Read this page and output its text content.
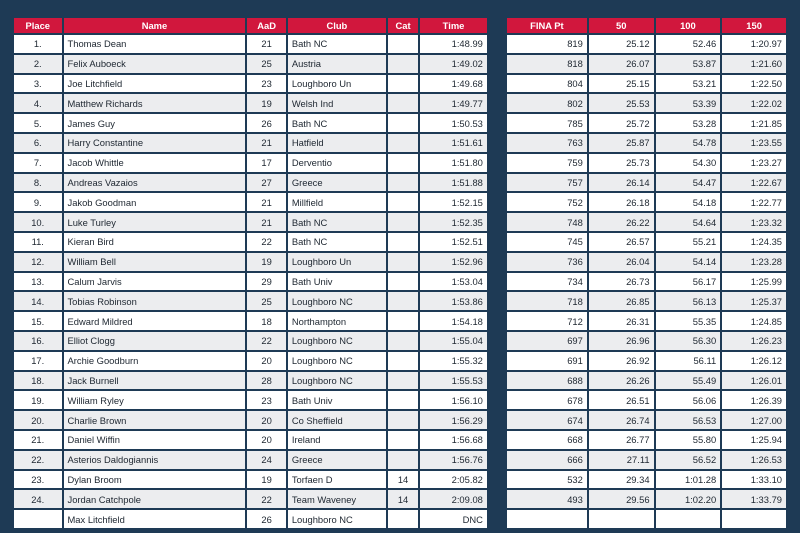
Place	Name	AaD	Club	Cat	Time			FINA Pt	50	100	150
1.	Thomas Dean	21	Bath NC		1:48.99			819	25.12	52.46	1:20.97
2.	Felix Auboeck	25	Austria		1:49.02			818	26.07	53.87	1:21.60
3.	Joe Litchfield	23	Loughboro Un		1:49.68			804	25.15	53.21	1:22.50
4.	Matthew Richards	19	Welsh Ind		1:49.77			802	25.53	53.39	1:22.02
5.	James Guy	26	Bath NC		1:50.53			785	25.72	53.28	1:21.85
6.	Harry Constantine	21	Hatfield		1:51.61			763	25.87	54.78	1:23.55
7.	Jacob Whittle	17	Derventio		1:51.80			759	25.73	54.30	1:23.27
8.	Andreas Vazaios	27	Greece		1:51.88			757	26.14	54.47	1:22.67
9.	Jakob Goodman	21	Millfield		1:52.15			752	26.18	54.18	1:22.77
10.	Luke Turley	21	Bath NC		1:52.35			748	26.22	54.64	1:23.32
11.	Kieran Bird	22	Bath NC		1:52.51			745	26.57	55.21	1:24.35
12.	William Bell	19	Loughboro Un		1:52.96			736	26.04	54.14	1:23.28
13.	Calum Jarvis	29	Bath Univ		1:53.04			734	26.73	56.17	1:25.99
14.	Tobias Robinson	25	Loughboro NC		1:53.86			718	26.85	56.13	1:25.37
15.	Edward Mildred	18	Northampton		1:54.18			712	26.31	55.35	1:24.85
16.	Elliot Clogg	22	Loughboro NC		1:55.04			697	26.96	56.30	1:26.23
17.	Archie Goodburn	20	Loughboro NC		1:55.32			691	26.92	56.11	1:26.12
18.	Jack Burnell	28	Loughboro NC		1:55.53			688	26.26	55.49	1:26.01
19.	William Ryley	23	Bath Univ		1:56.10			678	26.51	56.06	1:26.39
20.	Charlie Brown	20	Co Sheffield		1:56.29			674	26.74	56.53	1:27.00
21.	Daniel Wiffin	20	Ireland		1:56.68			668	26.77	55.80	1:25.94
22.	Asterios Daldogiannis	24	Greece		1:56.76			666	27.11	56.52	1:26.53
23.	Dylan Broom	19	Torfaen D	14	2:05.82			532	29.34	1:01.28	1:33.10
24.	Jordan Catchpole	22	Team Waveney	14	2:09.08			493	29.56	1:02.20	1:33.79
	Max Litchfield	26	Loughboro NC		DNC						
